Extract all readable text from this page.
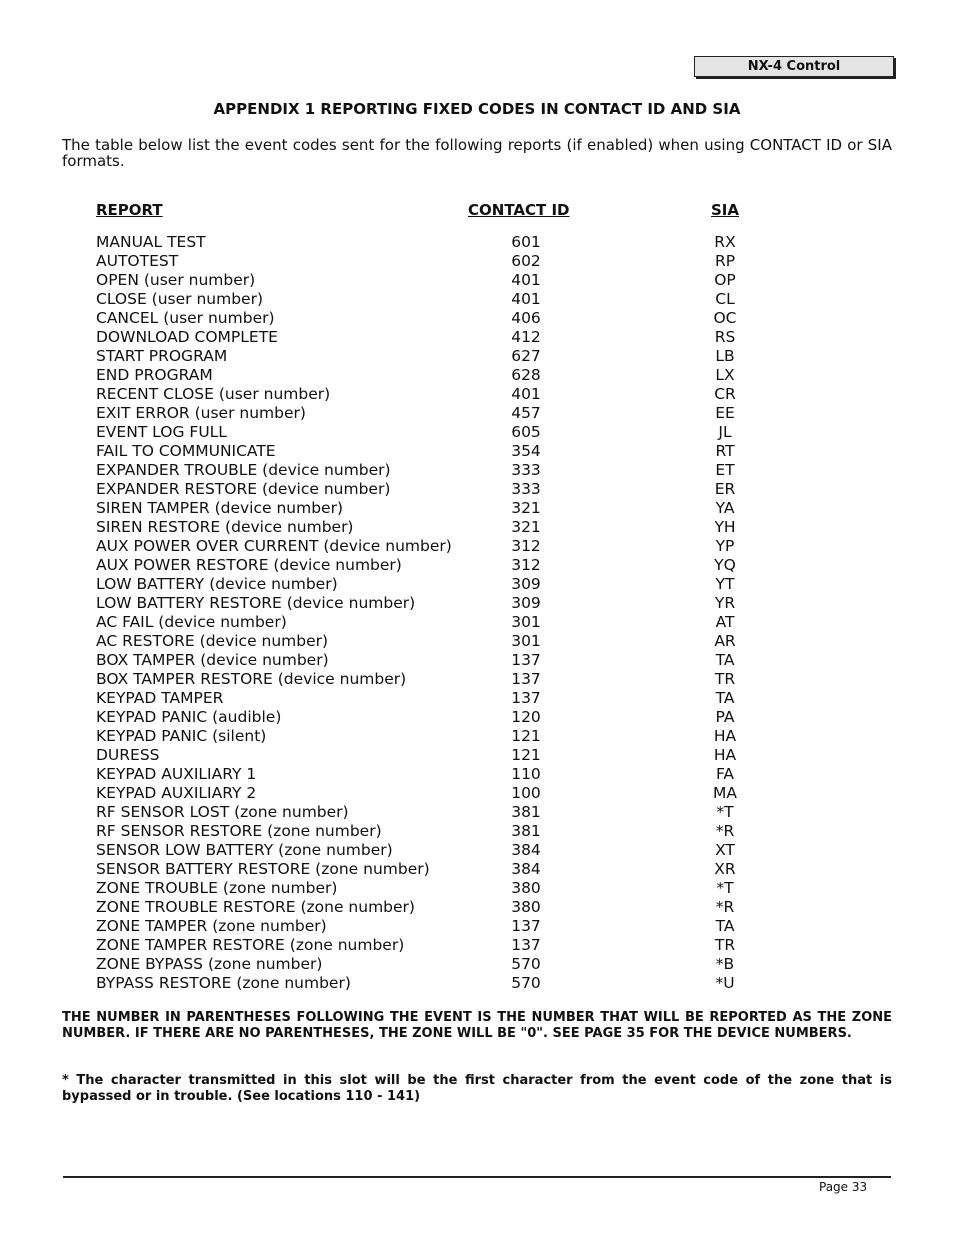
NX-4 Control
APPENDIX 1 REPORTING FIXED CODES IN CONTACT ID AND SIA
The table below list the event codes sent for the following reports (if enabled) when using CONTACT ID or SIA formats.
REPORT	CONTACT ID	SIA
MANUAL TEST	601	RX
AUTOTEST	602	RP
OPEN (user number)	401	OP
CLOSE (user number)	401	CL
CANCEL (user number)	406	OC
DOWNLOAD COMPLETE	412	RS
START PROGRAM	627	LB
END PROGRAM	628	LX
RECENT CLOSE (user number)	401	CR
EXIT ERROR (user number)	457	EE
EVENT LOG FULL	605	JL
FAIL TO COMMUNICATE	354	RT
EXPANDER TROUBLE (device number)	333	ET
EXPANDER RESTORE (device number)	333	ER
SIREN TAMPER (device number)	321	YA
SIREN RESTORE (device number)	321	YH
AUX POWER OVER CURRENT (device number)	312	YP
AUX POWER RESTORE (device number)	312	YQ
LOW BATTERY (device number)	309	YT
LOW BATTERY RESTORE (device number)	309	YR
AC FAIL (device number)	301	AT
AC RESTORE (device number)	301	AR
BOX TAMPER (device number)	137	TA
BOX TAMPER RESTORE (device number)	137	TR
KEYPAD TAMPER	137	TA
KEYPAD PANIC (audible)	120	PA
KEYPAD PANIC (silent)	121	HA
DURESS	121	HA
KEYPAD AUXILIARY 1	110	FA
KEYPAD AUXILIARY 2	100	MA
RF SENSOR LOST (zone number)	381	*T
RF SENSOR RESTORE (zone number)	381	*R
SENSOR LOW BATTERY (zone number)	384	XT
SENSOR BATTERY RESTORE (zone number)	384	XR
ZONE TROUBLE (zone number)	380	*T
ZONE TROUBLE RESTORE (zone number)	380	*R
ZONE TAMPER (zone number)	137	TA
ZONE TAMPER RESTORE (zone number)	137	TR
ZONE BYPASS (zone number)	570	*B
BYPASS RESTORE (zone number)	570	*U
THE NUMBER IN PARENTHESES FOLLOWING THE EVENT IS THE NUMBER THAT WILL BE REPORTED AS THE ZONE NUMBER. IF THERE ARE NO PARENTHESES, THE ZONE WILL BE "0". SEE PAGE 35 FOR THE DEVICE NUMBERS.
* The character transmitted in this slot will be the first character from the event code of the zone that is bypassed or in trouble. (See locations 110 - 141)
Page 33
